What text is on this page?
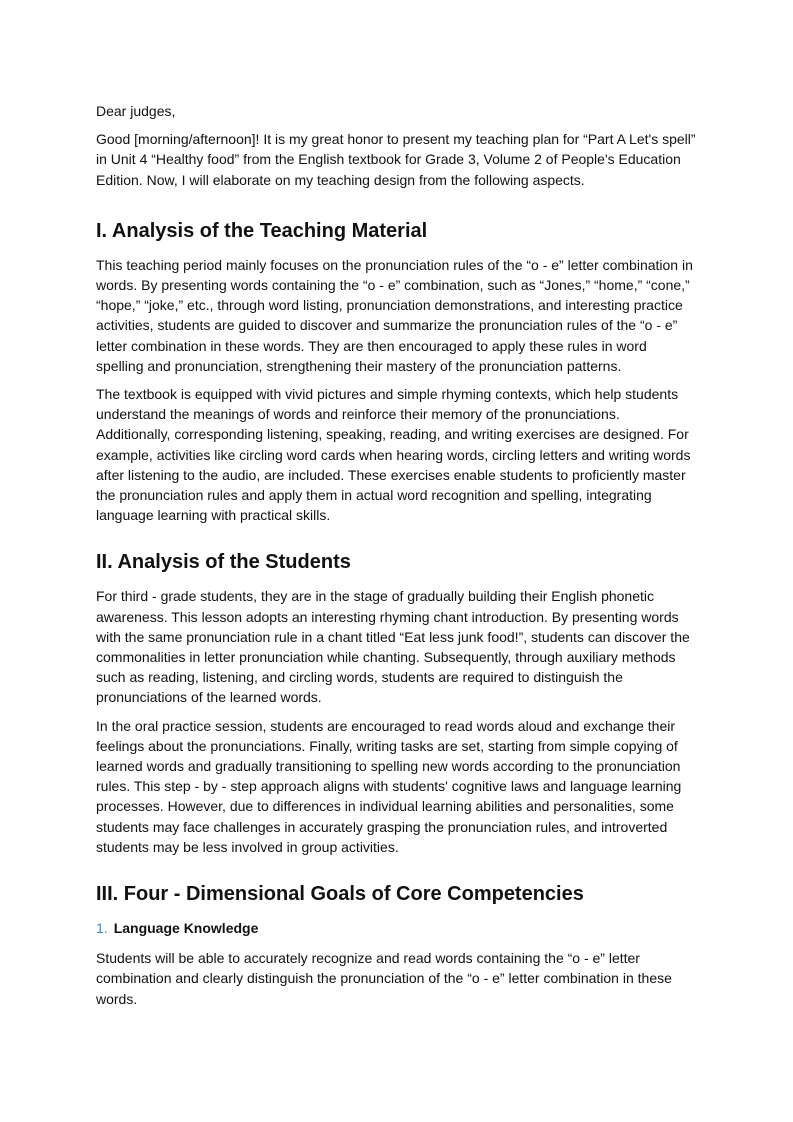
Dear judges,

Good [morning/afternoon]! It is my great honor to present my teaching plan for “Part A Let's spell” in Unit 4 “Healthy food” from the English textbook for Grade 3, Volume 2 of People's Education Edition. Now, I will elaborate on my teaching design from the following aspects.

I. Analysis of the Teaching Material

This teaching period mainly focuses on the pronunciation rules of the “o - e” letter combination in words. By presenting words containing the “o - e” combination, such as “Jones,” “home,” “cone,” “hope,” “joke,” etc., through word listing, pronunciation demonstrations, and interesting practice activities, students are guided to discover and summarize the pronunciation rules of the “o - e” letter combination in these words. They are then encouraged to apply these rules in word spelling and pronunciation, strengthening their mastery of the pronunciation patterns.

The textbook is equipped with vivid pictures and simple rhyming contexts, which help students understand the meanings of words and reinforce their memory of the pronunciations. Additionally, corresponding listening, speaking, reading, and writing exercises are designed. For example, activities like circling word cards when hearing words, circling letters and writing words after listening to the audio, are included. These exercises enable students to proficiently master the pronunciation rules and apply them in actual word recognition and spelling, integrating language learning with practical skills.

II. Analysis of the Students

For third - grade students, they are in the stage of gradually building their English phonetic awareness. This lesson adopts an interesting rhyming chant introduction. By presenting words with the same pronunciation rule in a chant titled “Eat less junk food!”, students can discover the commonalities in letter pronunciation while chanting. Subsequently, through auxiliary methods such as reading, listening, and circling words, students are required to distinguish the pronunciations of the learned words.

In the oral practice session, students are encouraged to read words aloud and exchange their feelings about the pronunciations. Finally, writing tasks are set, starting from simple copying of learned words and gradually transitioning to spelling new words according to the pronunciation rules. This step - by - step approach aligns with students' cognitive laws and language learning processes. However, due to differences in individual learning abilities and personalities, some students may face challenges in accurately grasping the pronunciation rules, and introverted students may be less involved in group activities.

III. Four - Dimensional Goals of Core Competencies
1. Language Knowledge

Students will be able to accurately recognize and read words containing the “o - e” letter combination and clearly distinguish the pronunciation of the “o - e” letter combination in these words.
